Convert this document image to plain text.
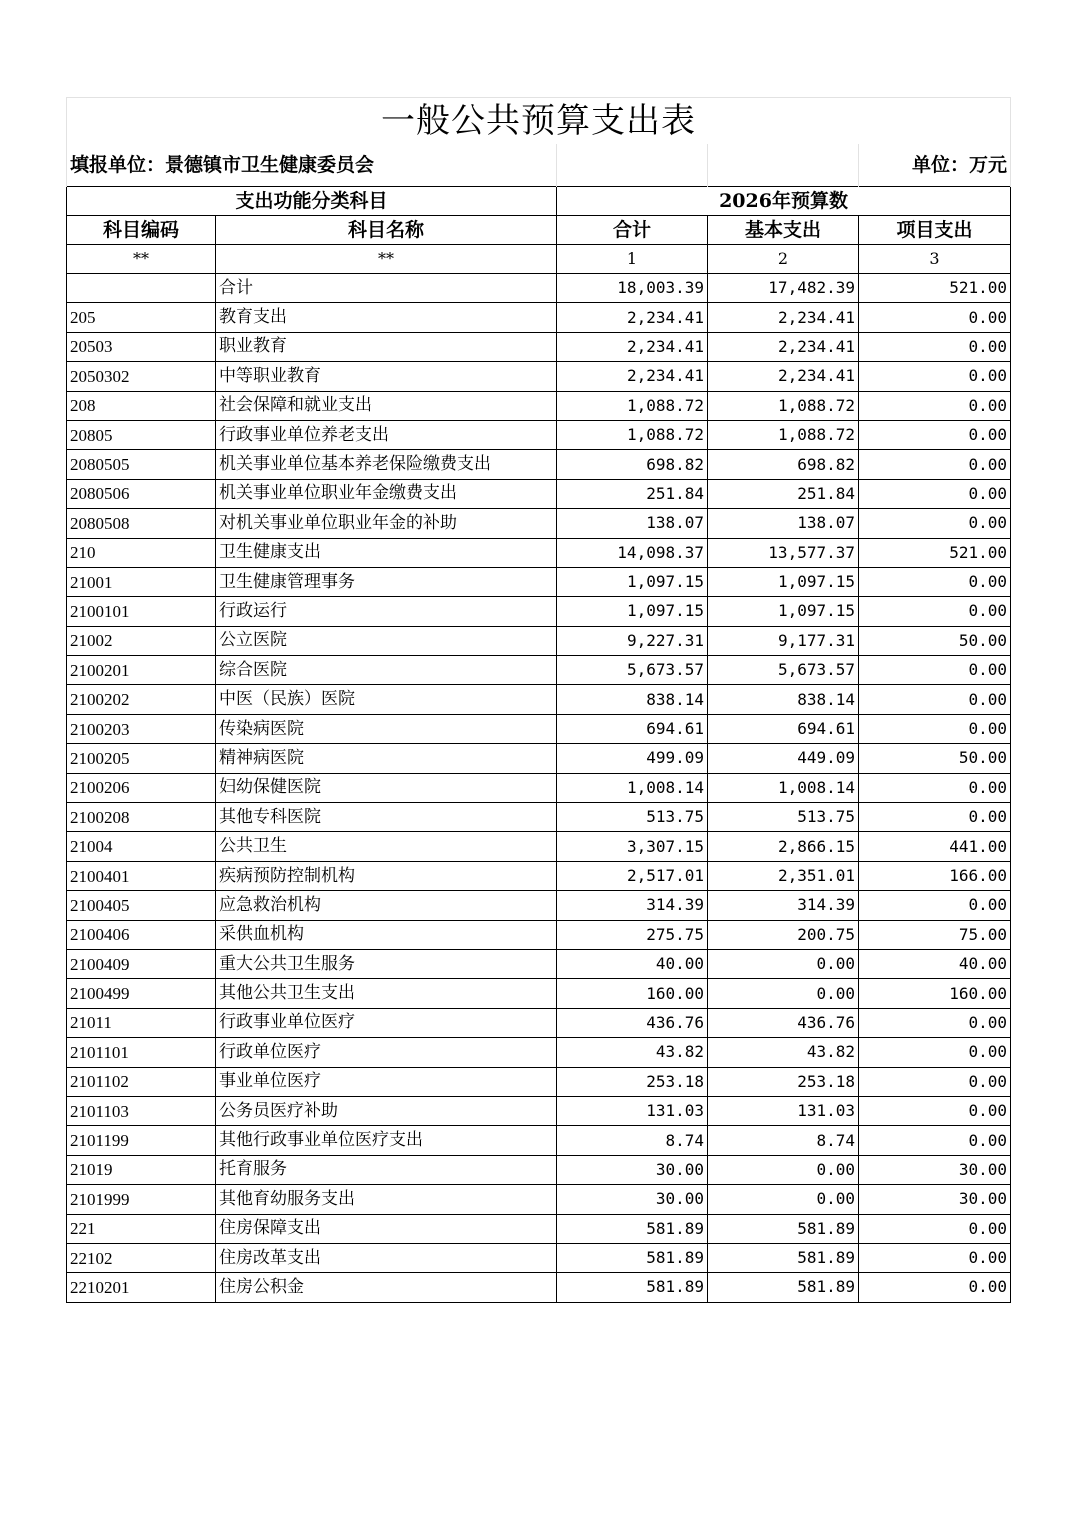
一般公共预算支出表				
填报单位：景德镇市卫生健康委员会				单位：万元
支出功能分类科目		2026年预算数		
科目编码	科目名称	合计	基本支出	项目支出
**	**	1	2	3
	合计	18,003.39	17,482.39	521.00
205	教育支出	2,234.41	2,234.41	0.00
20503	职业教育	2,234.41	2,234.41	0.00
2050302	中等职业教育	2,234.41	2,234.41	0.00
208	社会保障和就业支出	1,088.72	1,088.72	0.00
20805	行政事业单位养老支出	1,088.72	1,088.72	0.00
2080505	机关事业单位基本养老保险缴费支出	698.82	698.82	0.00
2080506	机关事业单位职业年金缴费支出	251.84	251.84	0.00
2080508	对机关事业单位职业年金的补助	138.07	138.07	0.00
210	卫生健康支出	14,098.37	13,577.37	521.00
21001	卫生健康管理事务	1,097.15	1,097.15	0.00
2100101	行政运行	1,097.15	1,097.15	0.00
21002	公立医院	9,227.31	9,177.31	50.00
2100201	综合医院	5,673.57	5,673.57	0.00
2100202	中医（民族）医院	838.14	838.14	0.00
2100203	传染病医院	694.61	694.61	0.00
2100205	精神病医院	499.09	449.09	50.00
2100206	妇幼保健医院	1,008.14	1,008.14	0.00
2100208	其他专科医院	513.75	513.75	0.00
21004	公共卫生	3,307.15	2,866.15	441.00
2100401	疾病预防控制机构	2,517.01	2,351.01	166.00
2100405	应急救治机构	314.39	314.39	0.00
2100406	采供血机构	275.75	200.75	75.00
2100409	重大公共卫生服务	40.00	0.00	40.00
2100499	其他公共卫生支出	160.00	0.00	160.00
21011	行政事业单位医疗	436.76	436.76	0.00
2101101	行政单位医疗	43.82	43.82	0.00
2101102	事业单位医疗	253.18	253.18	0.00
2101103	公务员医疗补助	131.03	131.03	0.00
2101199	其他行政事业单位医疗支出	8.74	8.74	0.00
21019	托育服务	30.00	0.00	30.00
2101999	其他育幼服务支出	30.00	0.00	30.00
221	住房保障支出	581.89	581.89	0.00
22102	住房改革支出	581.89	581.89	0.00
2210201	住房公积金	581.89	581.89	0.00
